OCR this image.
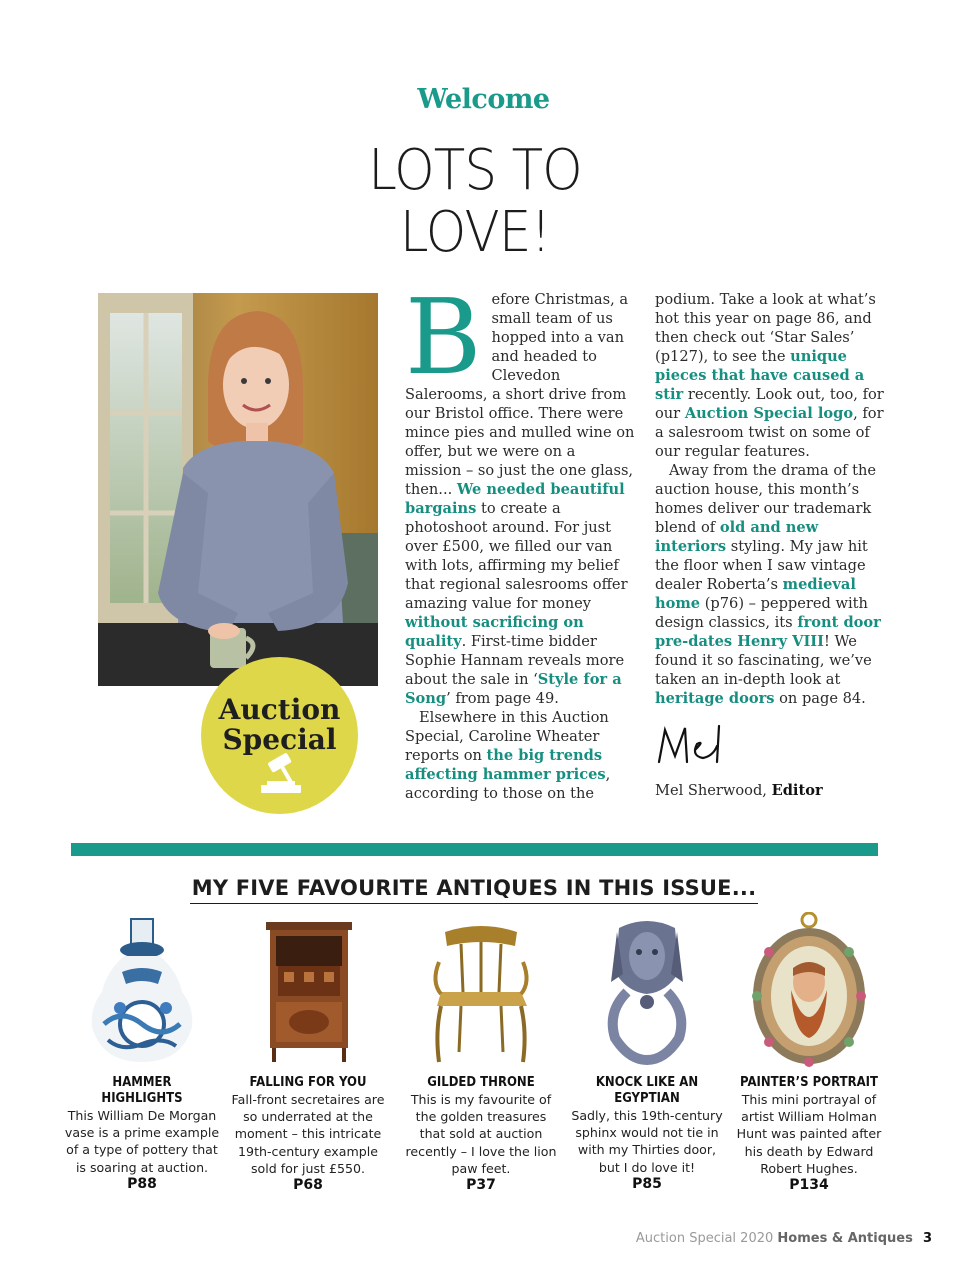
Welcome
LOTS TO
LOVE!
Auction
Special

Before Christmas, a small team of us hopped into a van and headed to Clevedon Salerooms, a short drive from our Bristol office. There were mince pies and mulled wine on offer, but we were on a mission – so just the one glass, then... We needed beautiful bargains to create a photoshoot around. For just over £500, we filled our van with lots, affirming my belief that regional salesrooms offer amazing value for money without sacrificing on quality. First-time bidder Sophie Hannam reveals more about the sale in ‘Style for a Song’ from page 49.

Elsewhere in this Auction Special, Caroline Wheater reports on the big trends affecting hammer prices, according to those on the

podium. Take a look at what’s hot this year on page 86, and then check out ‘Star Sales’ (p127), to see the unique pieces that have caused a stir recently. Look out, too, for our Auction Special logo, for a salesroom twist on some of our regular features.

Away from the drama of the auction house, this month’s homes deliver our trademark blend of old and new interiors styling. My jaw hit the floor when I saw vintage dealer Roberta’s medieval home (p76) – peppered with design classics, its front door pre-dates Henry VIII! We found it so fascinating, we’ve taken an in-depth look at heritage doors on page 84.

Mel Sherwood, Editor
MY FIVE FAVOURITE ANTIQUES IN THIS ISSUE...
HAMMER HIGHLIGHTS
This William De Morgan vase is a prime example of a type of pottery that is soaring at auction.
P88
FALLING FOR YOU
Fall-front secretaires are so underrated at the moment – this intricate 19th-century example sold for just £550.
P68
GILDED THRONE
This is my favourite of the golden treasures that sold at auction recently – I love the lion paw feet.
P37
KNOCK LIKE AN EGYPTIAN
Sadly, this 19th-century sphinx would not tie in with my Thirties door, but I do love it!
P85
PAINTER’S PORTRAIT
This mini portrayal of artist William Holman Hunt was painted after his death by Edward Robert Hughes.
P134
Auction Special 2020 Homes & Antiques 3
